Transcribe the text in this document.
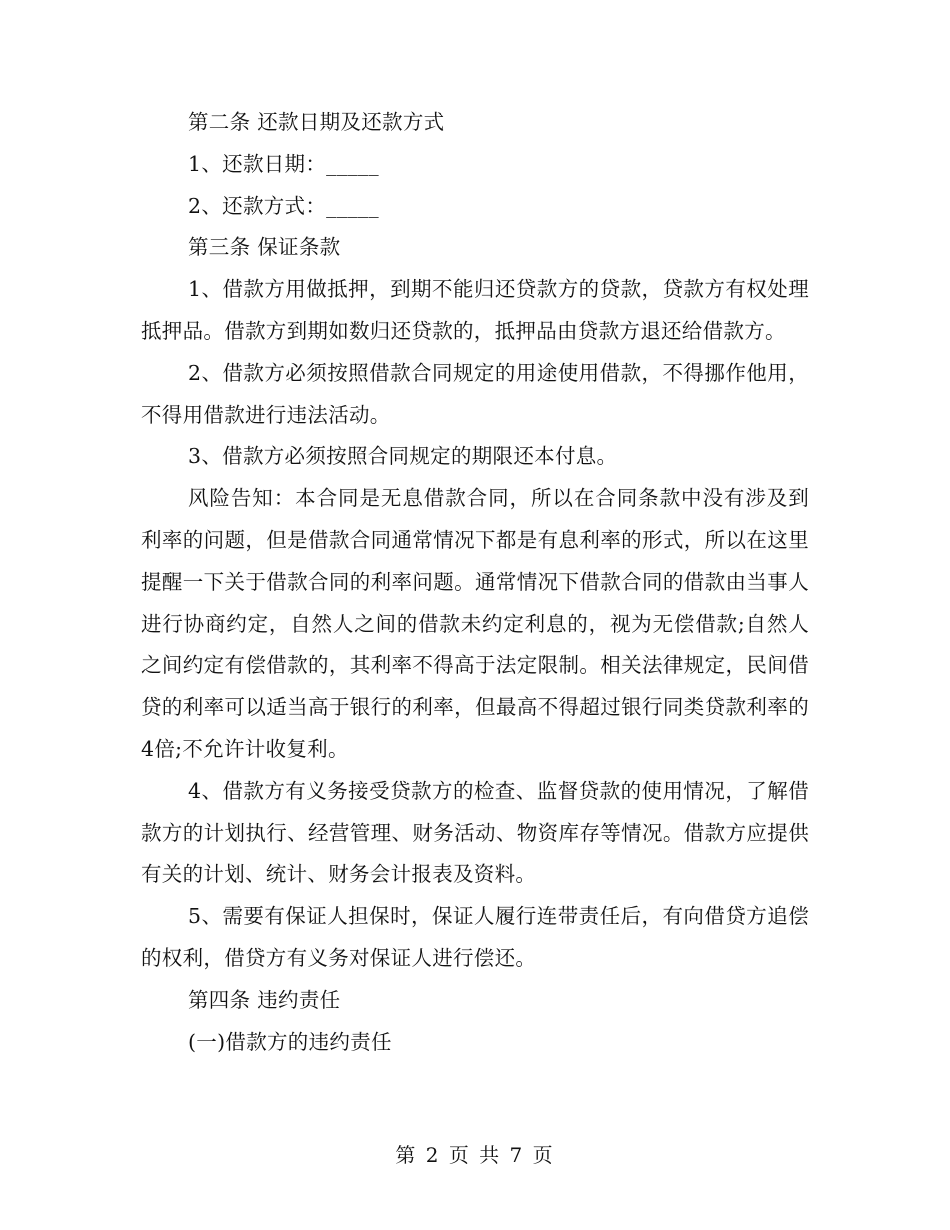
第二条 还款日期及还款方式

1、还款日期：_____

2、还款方式：_____

第三条 保证条款

1、借款方用做抵押，到期不能归还贷款方的贷款，贷款方有权处理抵押品。借款方到期如数归还贷款的，抵押品由贷款方退还给借款方。

2、借款方必须按照借款合同规定的用途使用借款，不得挪作他用，不得用借款进行违法活动。

3、借款方必须按照合同规定的期限还本付息。

风险告知：本合同是无息借款合同，所以在合同条款中没有涉及到利率的问题，但是借款合同通常情况下都是有息利率的形式，所以在这里提醒一下关于借款合同的利率问题。通常情况下借款合同的借款由当事人进行协商约定，自然人之间的借款未约定利息的，视为无偿借款;自然人之间约定有偿借款的，其利率不得高于法定限制。相关法律规定，民间借贷的利率可以适当高于银行的利率，但最高不得超过银行同类贷款利率的4倍;不允许计收复利。

4、借款方有义务接受贷款方的检查、监督贷款的使用情况，了解借款方的计划执行、经营管理、财务活动、物资库存等情况。借款方应提供有关的计划、统计、财务会计报表及资料。

5、需要有保证人担保时，保证人履行连带责任后，有向借贷方追偿的权利，借贷方有义务对保证人进行偿还。

第四条 违约责任

(一)借款方的违约责任

第 2 页 共 7 页
